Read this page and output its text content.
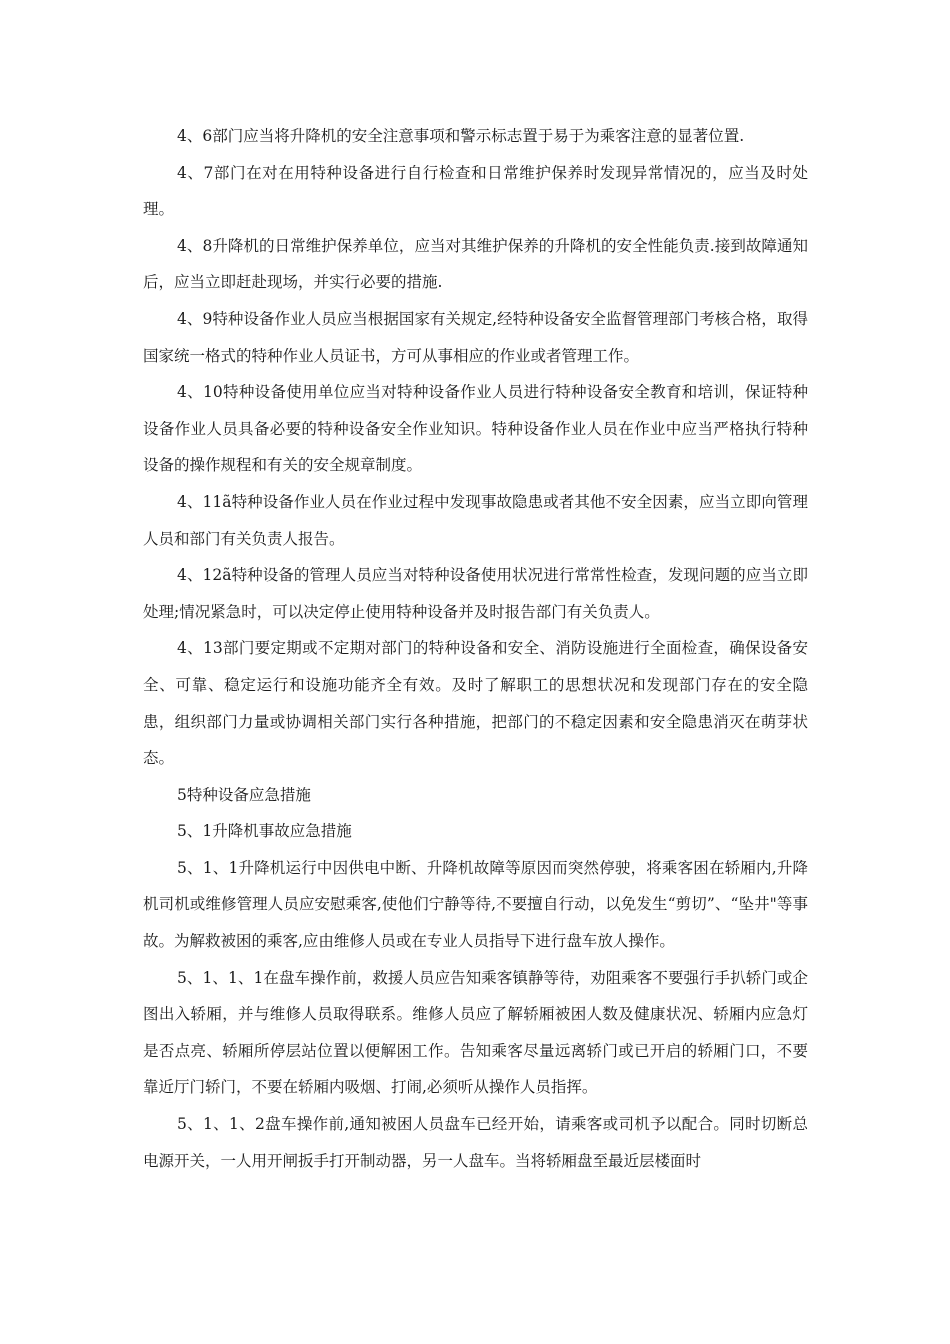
4、6部门应当将升降机的安全注意事项和警示标志置于易于为乘客注意的显著位置.

4、7部门在对在用特种设备进行自行检查和日常维护保养时发现异常情况的，应当及时处理。

4、8升降机的日常维护保养单位，应当对其维护保养的升降机的安全性能负责.接到故障通知后，应当立即赶赴现场，并实行必要的措施.

4、9特种设备作业人员应当根据国家有关规定,经特种设备安全监督管理部门考核合格，取得国家统一格式的特种作业人员证书，方可从事相应的作业或者管理工作。

4、10特种设备使用单位应当对特种设备作业人员进行特种设备安全教育和培训，保证特种设备作业人员具备必要的特种设备安全作业知识。特种设备作业人员在作业中应当严格执行特种设备的操作规程和有关的安全规章制度。

4、11ã特种设备作业人员在作业过程中发现事故隐患或者其他不安全因素，应当立即向管理人员和部门有关负责人报告。

4、12ã特种设备的管理人员应当对特种设备使用状况进行常常性检查，发现问题的应当立即处理;情况紧急时，可以决定停止使用特种设备并及时报告部门有关负责人。

4、13部门要定期或不定期对部门的特种设备和安全、消防设施进行全面检查，确保设备安全、可靠、稳定运行和设施功能齐全有效。及时了解职工的思想状况和发现部门存在的安全隐患，组织部门力量或协调相关部门实行各种措施，把部门的不稳定因素和安全隐患消灭在萌芽状态。

5特种设备应急措施

5、1升降机事故应急措施

5、1、1升降机运行中因供电中断、升降机故障等原因而突然停驶，将乘客困在轿厢内,升降机司机或维修管理人员应安慰乘客,使他们宁静等待,不要擅自行动，以免发生“剪切”、“坠井"等事故。为解救被困的乘客,应由维修人员或在专业人员指导下进行盘车放人操作。

5、1、1、1在盘车操作前，救援人员应告知乘客镇静等待，劝阻乘客不要强行手扒轿门或企图出入轿厢，并与维修人员取得联系。维修人员应了解轿厢被困人数及健康状况、轿厢内应急灯是否点亮、轿厢所停层站位置以便解困工作。告知乘客尽量远离轿门或已开启的轿厢门口，不要靠近厅门轿门，不要在轿厢内吸烟、打闹,必须听从操作人员指挥。

5、1、1、2盘车操作前,通知被困人员盘车已经开始，请乘客或司机予以配合。同时切断总电源开关，一人用开闸扳手打开制动器，另一人盘车。当将轿厢盘至最近层楼面时
